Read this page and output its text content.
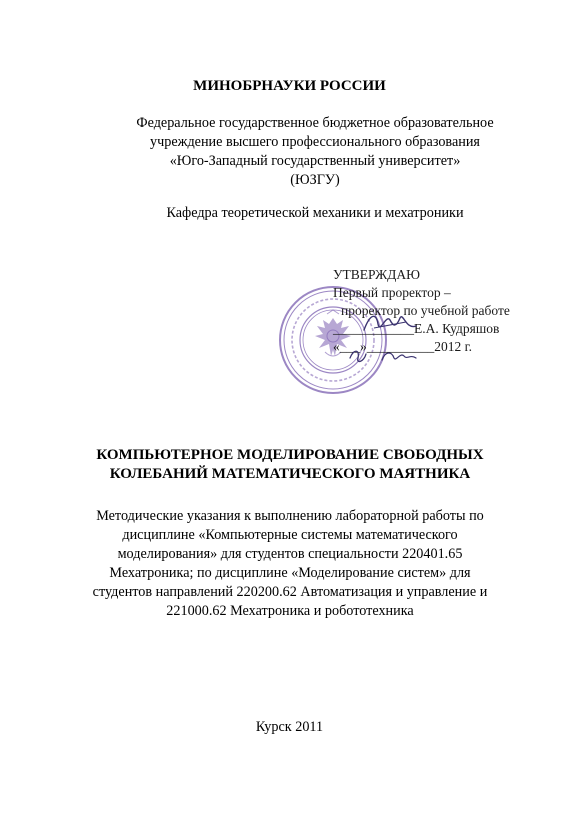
МИНОБРНАУКИ РОССИИ
Федеральное государственное бюджетное образовательное
учреждение высшего профессионального образования
«Юго-Западный государственный университет»
(ЮЗГУ)
Кафедра теоретической механики и мехатроники
УТВЕРЖДАЮ
Первый проректор –
проректор по учебной работе
____________Е.А. Кудряшов
«___»__________2012 г.
КОМПЬЮТЕРНОЕ МОДЕЛИРОВАНИЕ СВОБОДНЫХ
КОЛЕБАНИЙ МАТЕМАТИЧЕСКОГО МАЯТНИКА
Методические указания к выполнению лабораторной работы по
дисциплине «Компьютерные системы математического
моделирования» для студентов специальности 220401.65
Мехатроника; по дисциплине «Моделирование систем» для
студентов направлений 220200.62 Автоматизация и управление и
221000.62 Мехатроника и робототехника
Курск 2011
